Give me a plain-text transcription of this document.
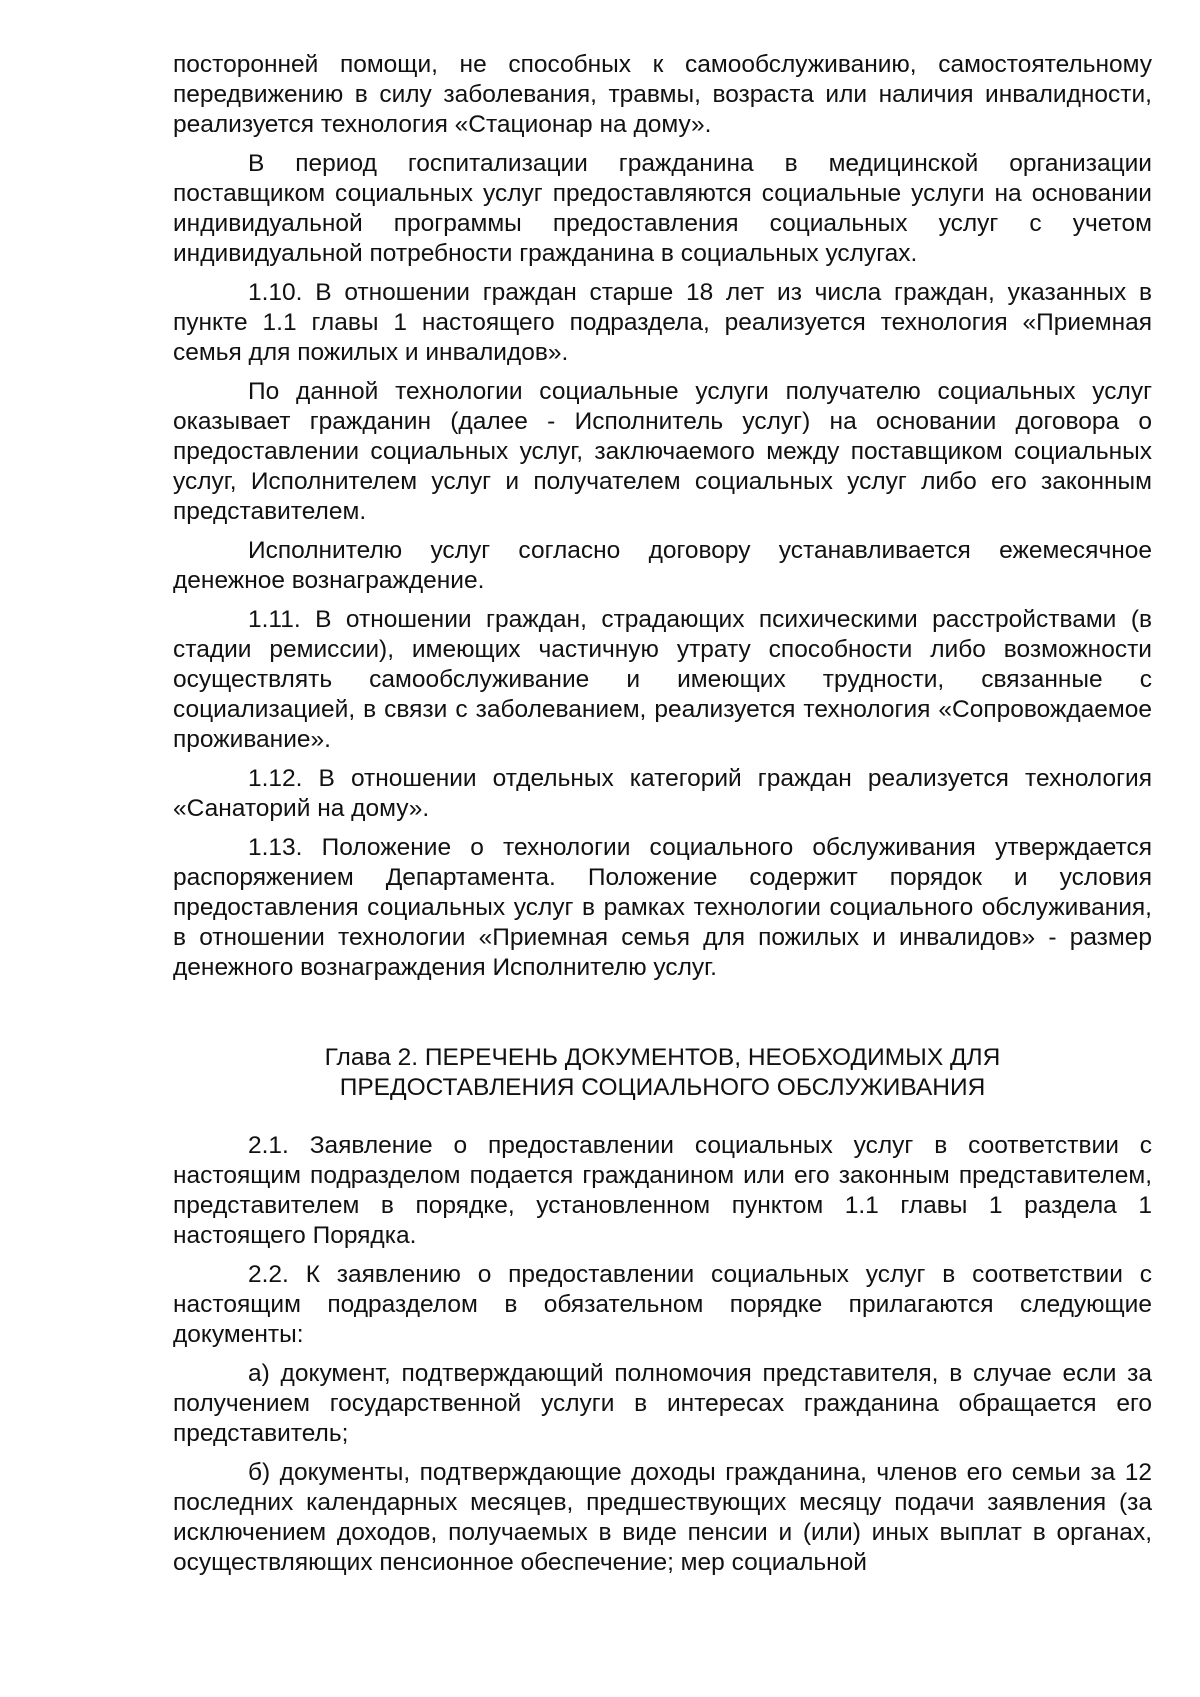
посторонней помощи, не способных к самообслуживанию, самостоятельному передвижению в силу заболевания, травмы, возраста или наличия инвалидности, реализуется технология «Стационар на дому».

В период госпитализации гражданина в медицинской организации поставщиком социальных услуг предоставляются социальные услуги на основании индивидуальной программы предоставления социальных услуг с учетом индивидуальной потребности гражданина в социальных услугах.

1.10. В отношении граждан старше 18 лет из числа граждан, указанных в пункте 1.1 главы 1 настоящего подраздела, реализуется технология «Приемная семья для пожилых и инвалидов».

По данной технологии социальные услуги получателю социальных услуг оказывает гражданин (далее - Исполнитель услуг) на основании договора о предоставлении социальных услуг, заключаемого между поставщиком социальных услуг, Исполнителем услуг и получателем социальных услуг либо его законным представителем.

Исполнителю услуг согласно договору устанавливается ежемесячное денежное вознаграждение.

1.11. В отношении граждан, страдающих психическими расстройствами (в стадии ремиссии), имеющих частичную утрату способности либо возможности осуществлять самообслуживание и имеющих трудности, связанные с социализацией, в связи с заболеванием, реализуется технология «Сопровождаемое проживание».

1.12. В отношении отдельных категорий граждан реализуется технология «Санаторий на дому».

1.13. Положение о технологии социального обслуживания утверждается распоряжением Департамента. Положение содержит порядок и условия предоставления социальных услуг в рамках технологии социального обслуживания, в отношении технологии «Приемная семья для пожилых и инвалидов» - размер денежного вознаграждения Исполнителю услуг.

Глава 2. ПЕРЕЧЕНЬ ДОКУМЕНТОВ, НЕОБХОДИМЫХ ДЛЯ

ПРЕДОСТАВЛЕНИЯ СОЦИАЛЬНОГО ОБСЛУЖИВАНИЯ

2.1. Заявление о предоставлении социальных услуг в соответствии с настоящим подразделом подается гражданином или его законным представителем, представителем в порядке, установленном пунктом 1.1 главы 1 раздела 1 настоящего Порядка.

2.2. К заявлению о предоставлении социальных услуг в соответствии с настоящим подразделом в обязательном порядке прилагаются следующие документы:

а) документ, подтверждающий полномочия представителя, в случае если за получением государственной услуги в интересах гражданина обращается его представитель;

б) документы, подтверждающие доходы гражданина, членов его семьи за 12 последних календарных месяцев, предшествующих месяцу подачи заявления (за исключением доходов, получаемых в виде пенсии и (или) иных выплат в органах, осуществляющих пенсионное обеспечение; мер социальной
